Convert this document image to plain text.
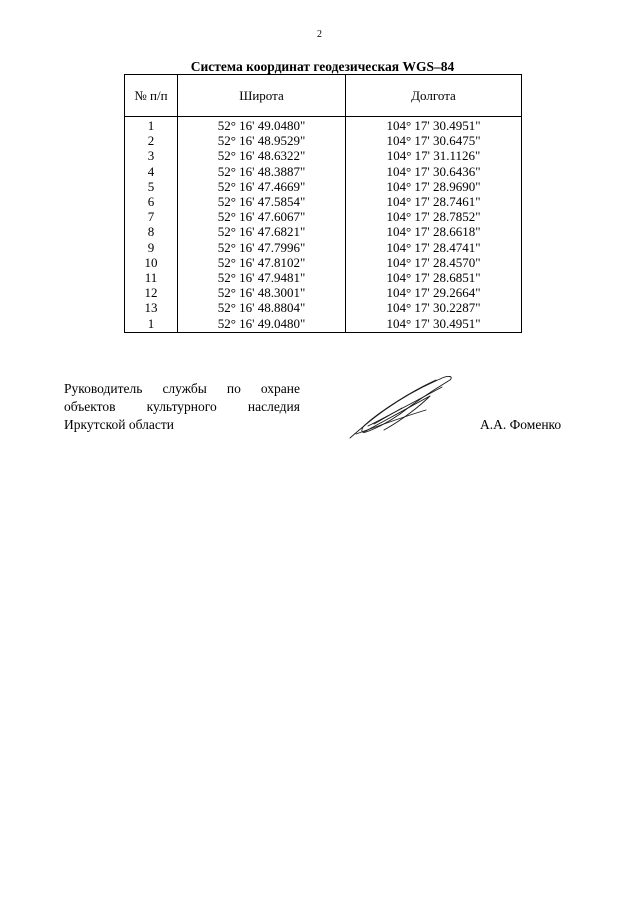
2
Система координат геодезическая WGS–84
№ п/п	Широта	Долгота
1	52° 16' 49.0480"	104° 17' 30.4951"
2	52° 16' 48.9529"	104° 17' 30.6475"
3	52° 16' 48.6322"	104° 17' 31.1126"
4	52° 16' 48.3887"	104° 17' 30.6436"
5	52° 16' 47.4669"	104° 17' 28.9690"
6	52° 16' 47.5854"	104° 17' 28.7461"
7	52° 16' 47.6067"	104° 17' 28.7852"
8	52° 16' 47.6821"	104° 17' 28.6618"
9	52° 16' 47.7996"	104° 17' 28.4741"
10	52° 16' 47.8102"	104° 17' 28.4570"
11	52° 16' 47.9481"	104° 17' 28.6851"
12	52° 16' 48.3001"	104° 17' 29.2664"
13	52° 16' 48.8804"	104° 17' 30.2287"
1	52° 16' 49.0480"	104° 17' 30.4951"
Руководитель службы по охране
объектов культурного наследия
Иркутской области	А.А. Фоменко
